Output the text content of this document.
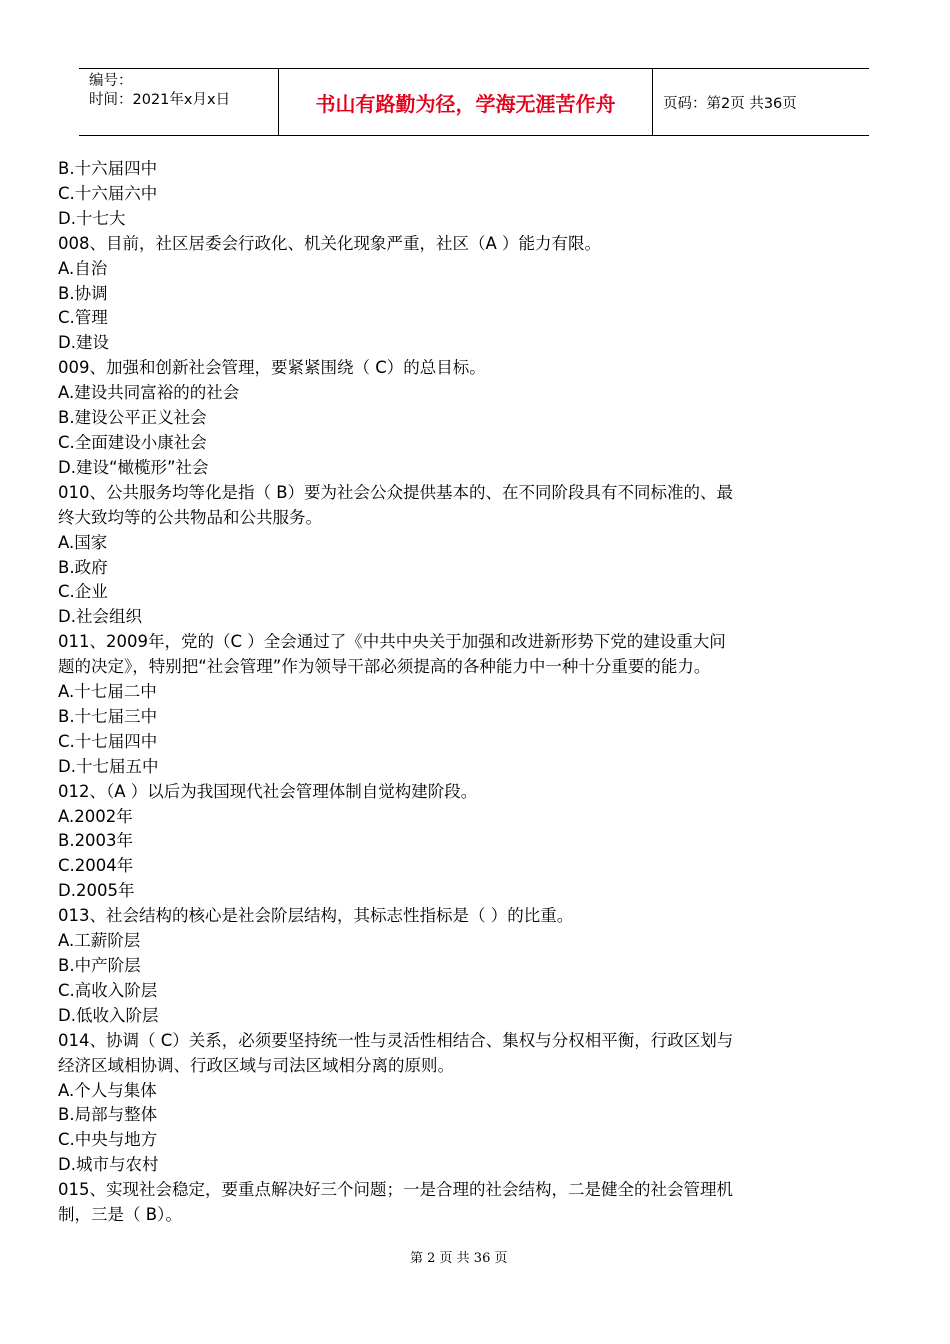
编号：
时间：2021年x月x日	书山有路勤为径，学海无涯苦作舟	页码：第2页 共36页
B.十六届四中
C.十六届六中
D.十七大
008、目前，社区居委会行政化、机关化现象严重，社区（A ）能力有限。
A.自治
B.协调
C.管理
D.建设
009、加强和创新社会管理，要紧紧围绕（ C）的总目标。
A.建设共同富裕的的社会
B.建设公平正义社会
C.全面建设小康社会
D.建设“橄榄形”社会
010、公共服务均等化是指（ B）要为社会公众提供基本的、在不同阶段具有不同标准的、最
终大致均等的公共物品和公共服务。
A.国家
B.政府
C.企业
D.社会组织
011、2009年，党的（C ）全会通过了《中共中央关于加强和改进新形势下党的建设重大问
题的决定》，特别把“社会管理”作为领导干部必须提高的各种能力中一种十分重要的能力。
A.十七届二中
B.十七届三中
C.十七届四中
D.十七届五中
012、（A ）以后为我国现代社会管理体制自觉构建阶段。
A.2002年
B.2003年
C.2004年
D.2005年
013、社会结构的核心是社会阶层结构，其标志性指标是（ ）的比重。
A.工薪阶层
B.中产阶层
C.高收入阶层
D.低收入阶层
014、协调（ C）关系，必须要坚持统一性与灵活性相结合、集权与分权相平衡，行政区划与
经济区域相协调、行政区域与司法区域相分离的原则。
A.个人与集体
B.局部与整体
C.中央与地方
D.城市与农村
015、实现社会稳定，要重点解决好三个问题；一是合理的社会结构，二是健全的社会管理机
制，三是（ B）。
第 2 页 共 36 页
